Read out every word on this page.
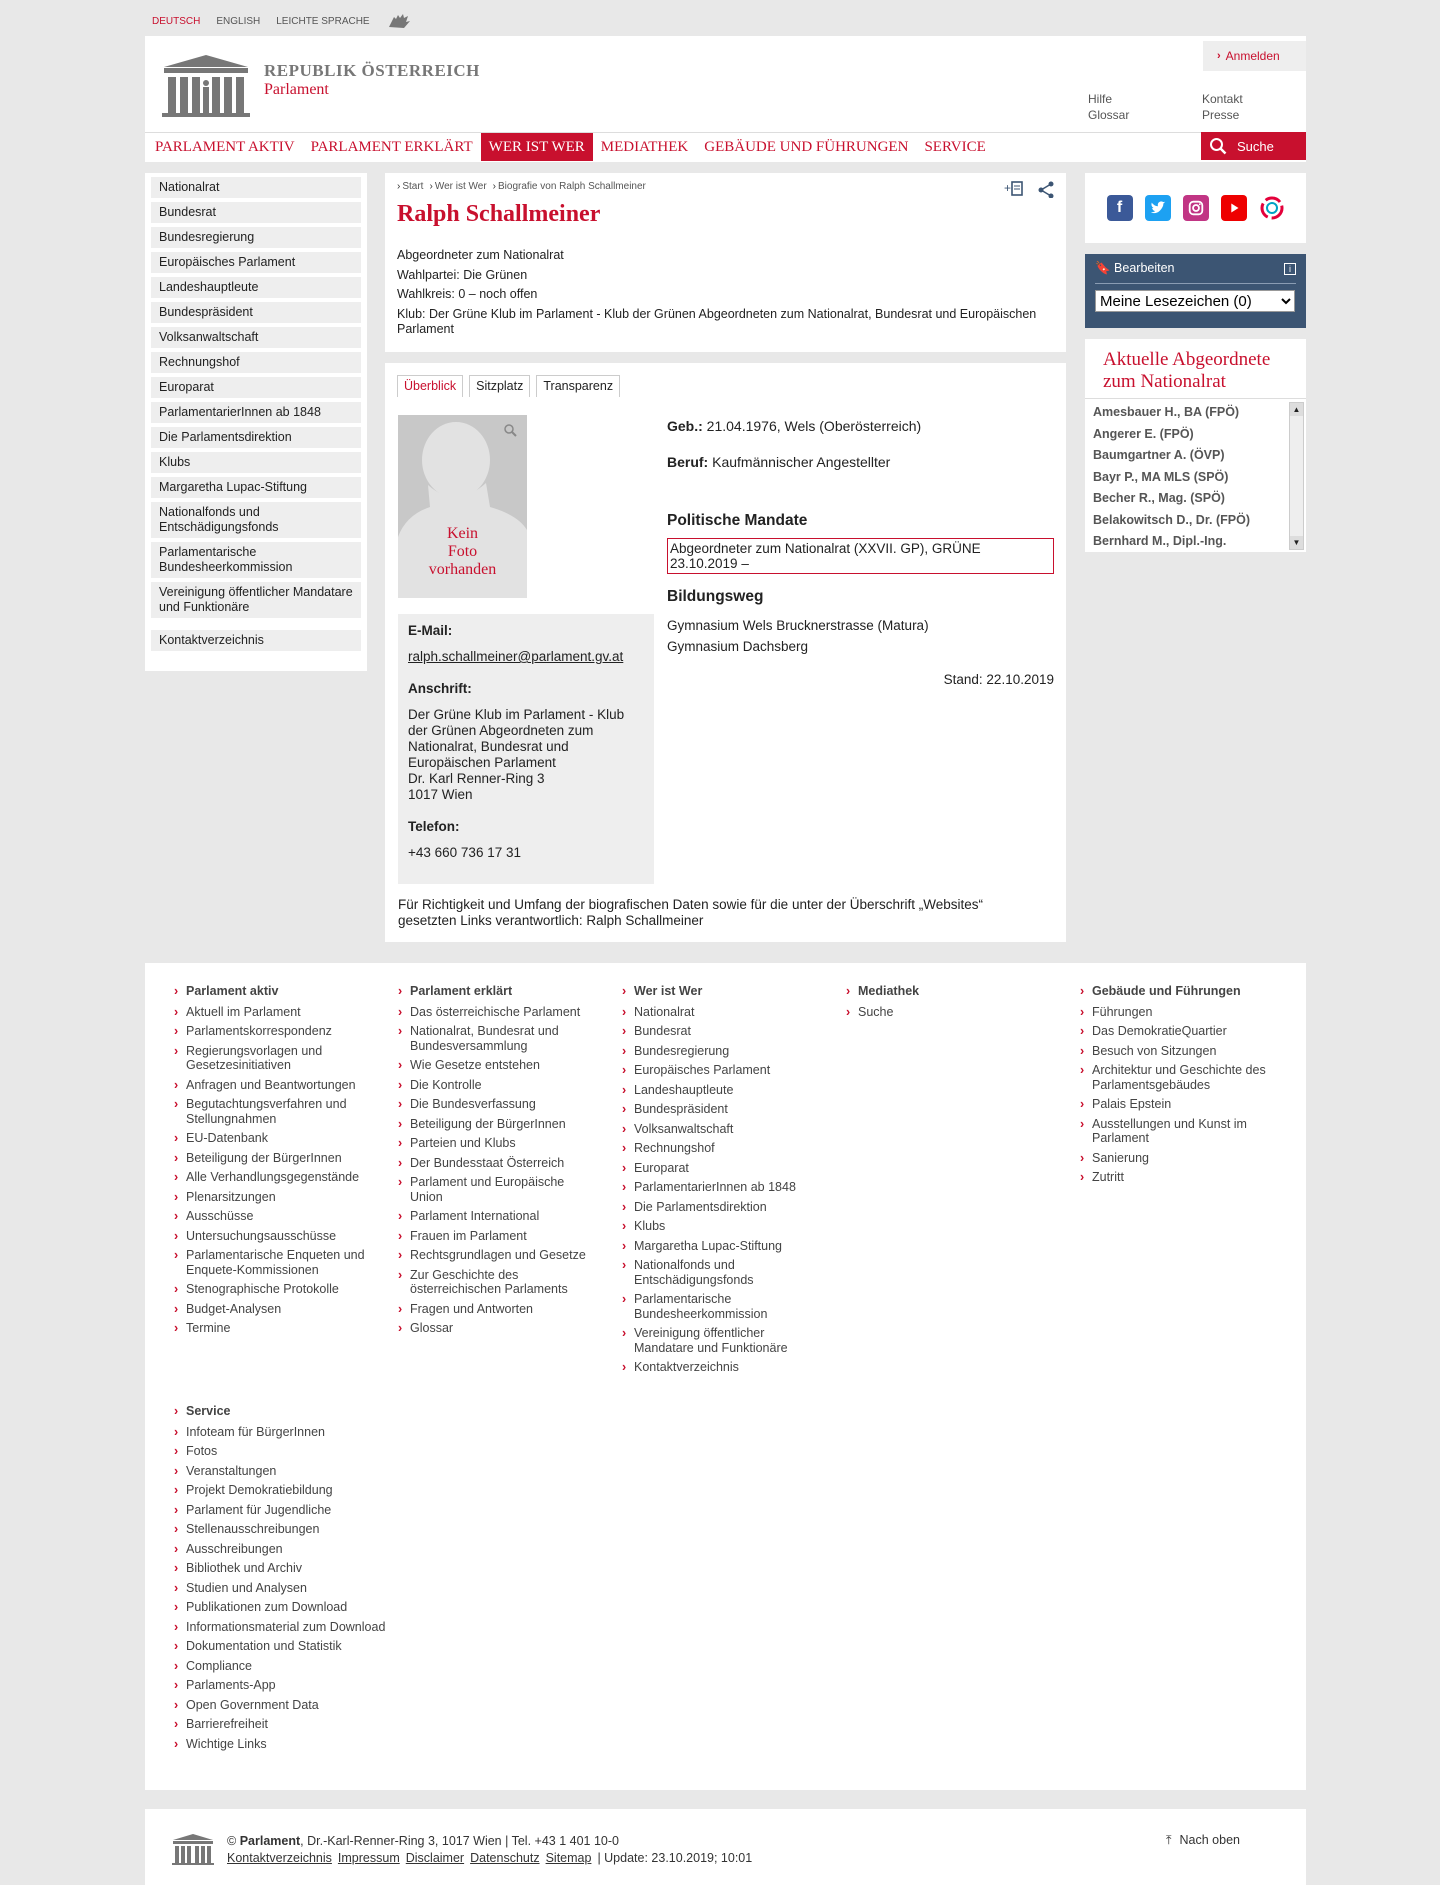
DEUTSCH ENGLISH LEICHTE SPRACHE
REPUBLIK ÖSTERREICH
Parlament
› Anmelden
Hilfe	Kontakt
Glossar	Presse
PARLAMENT AKTIV	PARLAMENT ERKLÄRT	WER IST WER	MEDIATHEK	GEBÄUDE UND FÜHRUNGEN	SERVICE	Suche
Nationalrat
Bundesrat
Bundesregierung
Europäisches Parlament
Landeshauptleute
Bundespräsident
Volksanwaltschaft
Rechnungshof
Europarat
ParlamentarierInnen ab 1848
Die Parlamentsdirektion
Klubs
Margaretha Lupac-Stiftung
Nationalfonds und Entschädigungsfonds
Parlamentarische Bundesheerkommission
Vereinigung öffentlicher Mandatare und Funktionäre
Kontaktverzeichnis
› Start	› Wer ist Wer	› Biografie von Ralph Schallmeiner	+
Ralph Schallmeiner
Abgeordneter zum Nationalrat
Wahlpartei: Die Grünen
Wahlkreis: 0 – noch offen
Klub: Der Grüne Klub im Parlament - Klub der Grünen Abgeordneten zum Nationalrat, Bundesrat und Europäischen Parlament
Überblick	Sitzplatz	Transparenz
Kein
Foto
vorhanden
E-Mail:
ralph.schallmeiner@parlament.gv.at
Anschrift:
Der Grüne Klub im Parlament - Klub der Grünen Abgeordneten zum Nationalrat, Bundesrat und Europäischen Parlament
Dr. Karl Renner-Ring 3
1017 Wien
Telefon:
+43 660 736 17 31
Geb.: 21.04.1976, Wels (Oberösterreich)
Beruf: Kaufmännischer Angestellter
Politische Mandate
Abgeordneter zum Nationalrat (XXVII. GP), GRÜNE
23.10.2019 –
Bildungsweg
Gymnasium Wels Brucknerstrasse (Matura)
Gymnasium Dachsberg
Stand: 22.10.2019
Für Richtigkeit und Umfang der biografischen Daten sowie für die unter der Überschrift „Websites“ gesetzten Links verantwortlich: Ralph Schallmeiner
f
🔖 Bearbeiten	i
Meine Lesezeichen (0)
Aktuelle Abgeordnete zum Nationalrat
Amesbauer H., BA (FPÖ)
Angerer E. (FPÖ)
Baumgartner A. (ÖVP)
Bayr P., MA MLS (SPÖ)
Becher R., Mag. (SPÖ)
Belakowitsch D., Dr. (FPÖ)
Bernhard M., Dipl.-Ing.
▲
▼
› Parlament aktiv
› Aktuell im Parlament
› Parlamentskorrespondenz
› Regierungsvorlagen und Gesetzesinitiativen
› Anfragen und Beantwortungen
› Begutachtungsverfahren und Stellungnahmen
› EU-Datenbank
› Beteiligung der BürgerInnen
› Alle Verhandlungsgegenstände
› Plenarsitzungen
› Ausschüsse
› Untersuchungsausschüsse
› Parlamentarische Enqueten und Enquete-Kommissionen
› Stenographische Protokolle
› Budget-Analysen
› Termine
› Parlament erklärt
› Das österreichische Parlament
› Nationalrat, Bundesrat und Bundesversammlung
› Wie Gesetze entstehen
› Die Kontrolle
› Die Bundesverfassung
› Beteiligung der BürgerInnen
› Parteien und Klubs
› Der Bundesstaat Österreich
› Parlament und Europäische Union
› Parlament International
› Frauen im Parlament
› Rechtsgrundlagen und Gesetze
› Zur Geschichte des österreichischen Parlaments
› Fragen und Antworten
› Glossar
› Wer ist Wer
› Nationalrat
› Bundesrat
› Bundesregierung
› Europäisches Parlament
› Landeshauptleute
› Bundespräsident
› Volksanwaltschaft
› Rechnungshof
› Europarat
› ParlamentarierInnen ab 1848
› Die Parlamentsdirektion
› Klubs
› Margaretha Lupac-Stiftung
› Nationalfonds und Entschädigungsfonds
› Parlamentarische Bundesheerkommission
› Vereinigung öffentlicher Mandatare und Funktionäre
› Kontaktverzeichnis
› Mediathek
› Suche
› Gebäude und Führungen
› Führungen
› Das DemokratieQuartier
› Besuch von Sitzungen
› Architektur und Geschichte des Parlamentsgebäudes
› Palais Epstein
› Ausstellungen und Kunst im Parlament
› Sanierung
› Zutritt
› Service
› Infoteam für BürgerInnen
› Fotos
› Veranstaltungen
› Projekt Demokratiebildung
› Parlament für Jugendliche
› Stellenausschreibungen
› Ausschreibungen
› Bibliothek und Archiv
› Studien und Analysen
› Publikationen zum Download
› Informationsmaterial zum Download
› Dokumentation und Statistik
› Compliance
› Parlaments-App
› Open Government Data
› Barrierefreiheit
› Wichtige Links
© Parlament, Dr.-Karl-Renner-Ring 3, 1017 Wien | Tel. +43 1 401 10-0
Kontaktverzeichnis Impressum Disclaimer Datenschutz Sitemap | Update: 23.10.2019; 10:01
⤒ Nach oben
